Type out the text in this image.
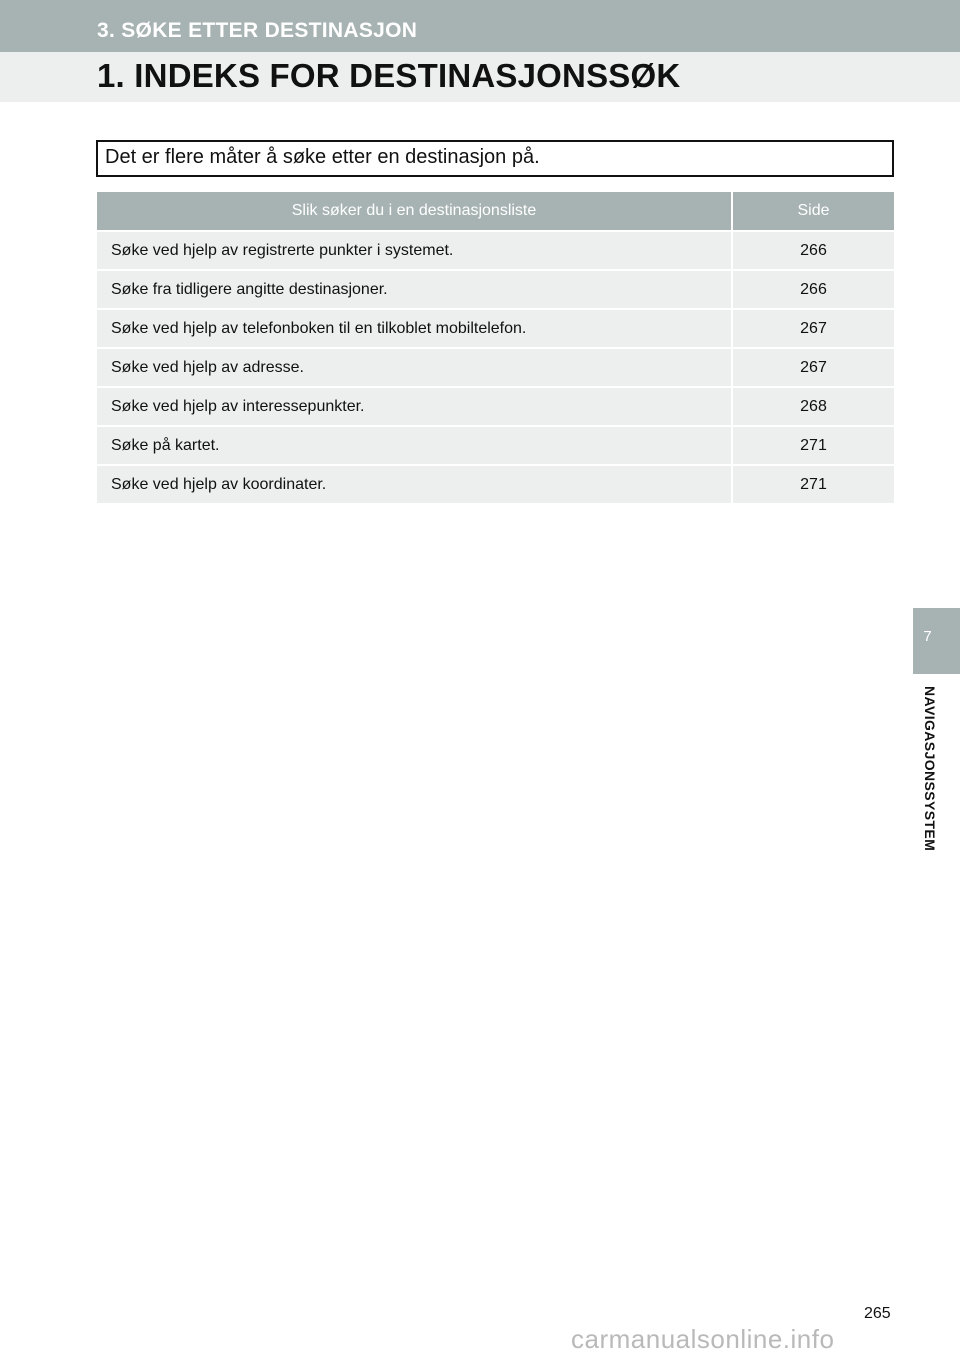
3. SØKE ETTER DESTINASJON
1. INDEKS FOR DESTINASJONSSØK
Det er flere måter å søke etter en destinasjon på.
Slik søker du i en destinasjonsliste	Side
Søke ved hjelp av registrerte punkter i systemet.	266
Søke fra tidligere angitte destinasjoner.	266
Søke ved hjelp av telefonboken til en tilkoblet mobiltelefon.	267
Søke ved hjelp av adresse.	267
Søke ved hjelp av interessepunkter.	268
Søke på kartet.	271
Søke ved hjelp av koordinater.	271
7
NAVIGASJONSSYSTEM
265
carmanualsonline.info
